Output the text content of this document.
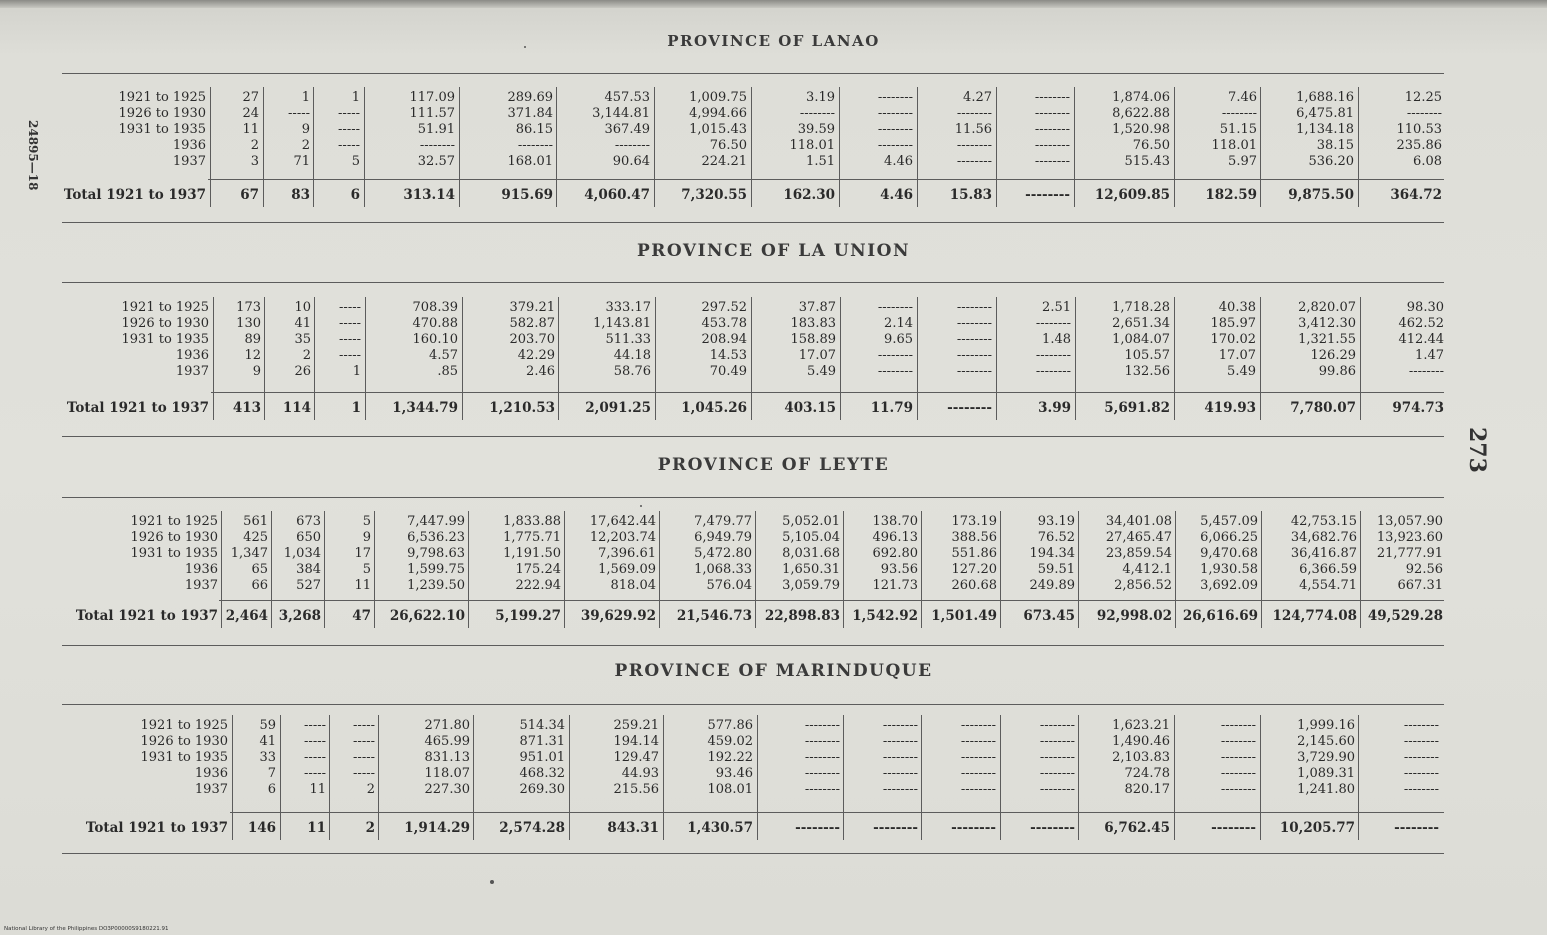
24895—18
273
National Library of the Philippines DO3P00000S9180221.91
PROVINCE OF LANAO
1921 to 1925	27	1	1	117.09	289.69	457.53	1,009.75	3.19	--------	4.27	--------	1,874.06	7.46	1,688.16	12.25
1926 to 1930	24	-----	-----	111.57	371.84	3,144.81	4,994.66	--------	--------	--------	--------	8,622.88	--------	6,475.81	--------
1931 to 1935	11	9	-----	51.91	86.15	367.49	1,015.43	39.59	--------	11.56	--------	1,520.98	51.15	1,134.18	110.53
1936	2	2	-----	--------	--------	--------	76.50	118.01	--------	--------	--------	76.50	118.01	38.15	235.86
1937	3	71	5	32.57	168.01	90.64	224.21	1.51	4.46	--------	--------	515.43	5.97	536.20	6.08
Total 1921 to 1937	67	83	6	313.14	915.69	4,060.47	7,320.55	162.30	4.46	15.83	--------	12,609.85	182.59	9,875.50	364.72
PROVINCE OF LA UNION
1921 to 1925	173	10	-----	708.39	379.21	333.17	297.52	37.87	--------	--------	2.51	1,718.28	40.38	2,820.07	98.30
1926 to 1930	130	41	-----	470.88	582.87	1,143.81	453.78	183.83	2.14	--------	--------	2,651.34	185.97	3,412.30	462.52
1931 to 1935	89	35	-----	160.10	203.70	511.33	208.94	158.89	9.65	--------	1.48	1,084.07	170.02	1,321.55	412.44
1936	12	2	-----	4.57	42.29	44.18	14.53	17.07	--------	--------	--------	105.57	17.07	126.29	1.47
1937	9	26	1	.85	2.46	58.76	70.49	5.49	--------	--------	--------	132.56	5.49	99.86	--------
Total 1921 to 1937	413	114	1	1,344.79	1,210.53	2,091.25	1,045.26	403.15	11.79	--------	3.99	5,691.82	419.93	7,780.07	974.73
PROVINCE OF LEYTE
1921 to 1925	561	673	5	7,447.99	1,833.88	17,642.44	7,479.77	5,052.01	138.70	173.19	93.19	34,401.08	5,457.09	42,753.15	13,057.90
1926 to 1930	425	650	9	6,536.23	1,775.71	12,203.74	6,949.79	5,105.04	496.13	388.56	76.52	27,465.47	6,066.25	34,682.76	13,923.60
1931 to 1935 1,347	1,034	17	9,798.63	1,191.50	7,396.61	5,472.80	8,031.68	692.80	551.86	194.34	23,859.54	9,470.68	36,416.87	21,777.91
1936	65	384	5	1,599.75	175.24	1,569.09	1,068.33	1,650.31	93.56	127.20	59.51	4,412.1	1,930.58	6,366.59	92.56
1937	66	527	11	1,239.50	222.94	818.04	576.04	3,059.79	121.73	260.68	249.89	2,856.52	3,692.09	4,554.71	667.31
Total 1921 to 1937 2,464 3,268	47	26,622.10	5,199.27	39,629.92	21,546.73 22,898.83 1,542.92 1,501.49	673.45	92,998.02 26,616.69	124,774.08 49,529.28
PROVINCE OF MARINDUQUE
1921 to 1925	59	-----	-----	271.80	514.34	259.21	577.86	--------	--------	--------	--------	1,623.21	--------	1,999.16	--------
1926 to 1930	41	-----	-----	465.99	871.31	194.14	459.02	--------	--------	--------	--------	1,490.46	--------	2,145.60	--------
1931 to 1935	33	-----	-----	831.13	951.01	129.47	192.22	--------	--------	--------	--------	2,103.83	--------	3,729.90	--------
1936	7	-----	-----	118.07	468.32	44.93	93.46	--------	--------	--------	--------	724.78	--------	1,089.31	--------
1937	6	11	2	227.30	269.30	215.56	108.01	--------	--------	--------	--------	820.17	--------	1,241.80	--------
Total 1921 to 1937	146	11	2	1,914.29	2,574.28	843.31	1,430.57	--------	--------	--------	--------	6,762.45	--------	10,205.77	--------
